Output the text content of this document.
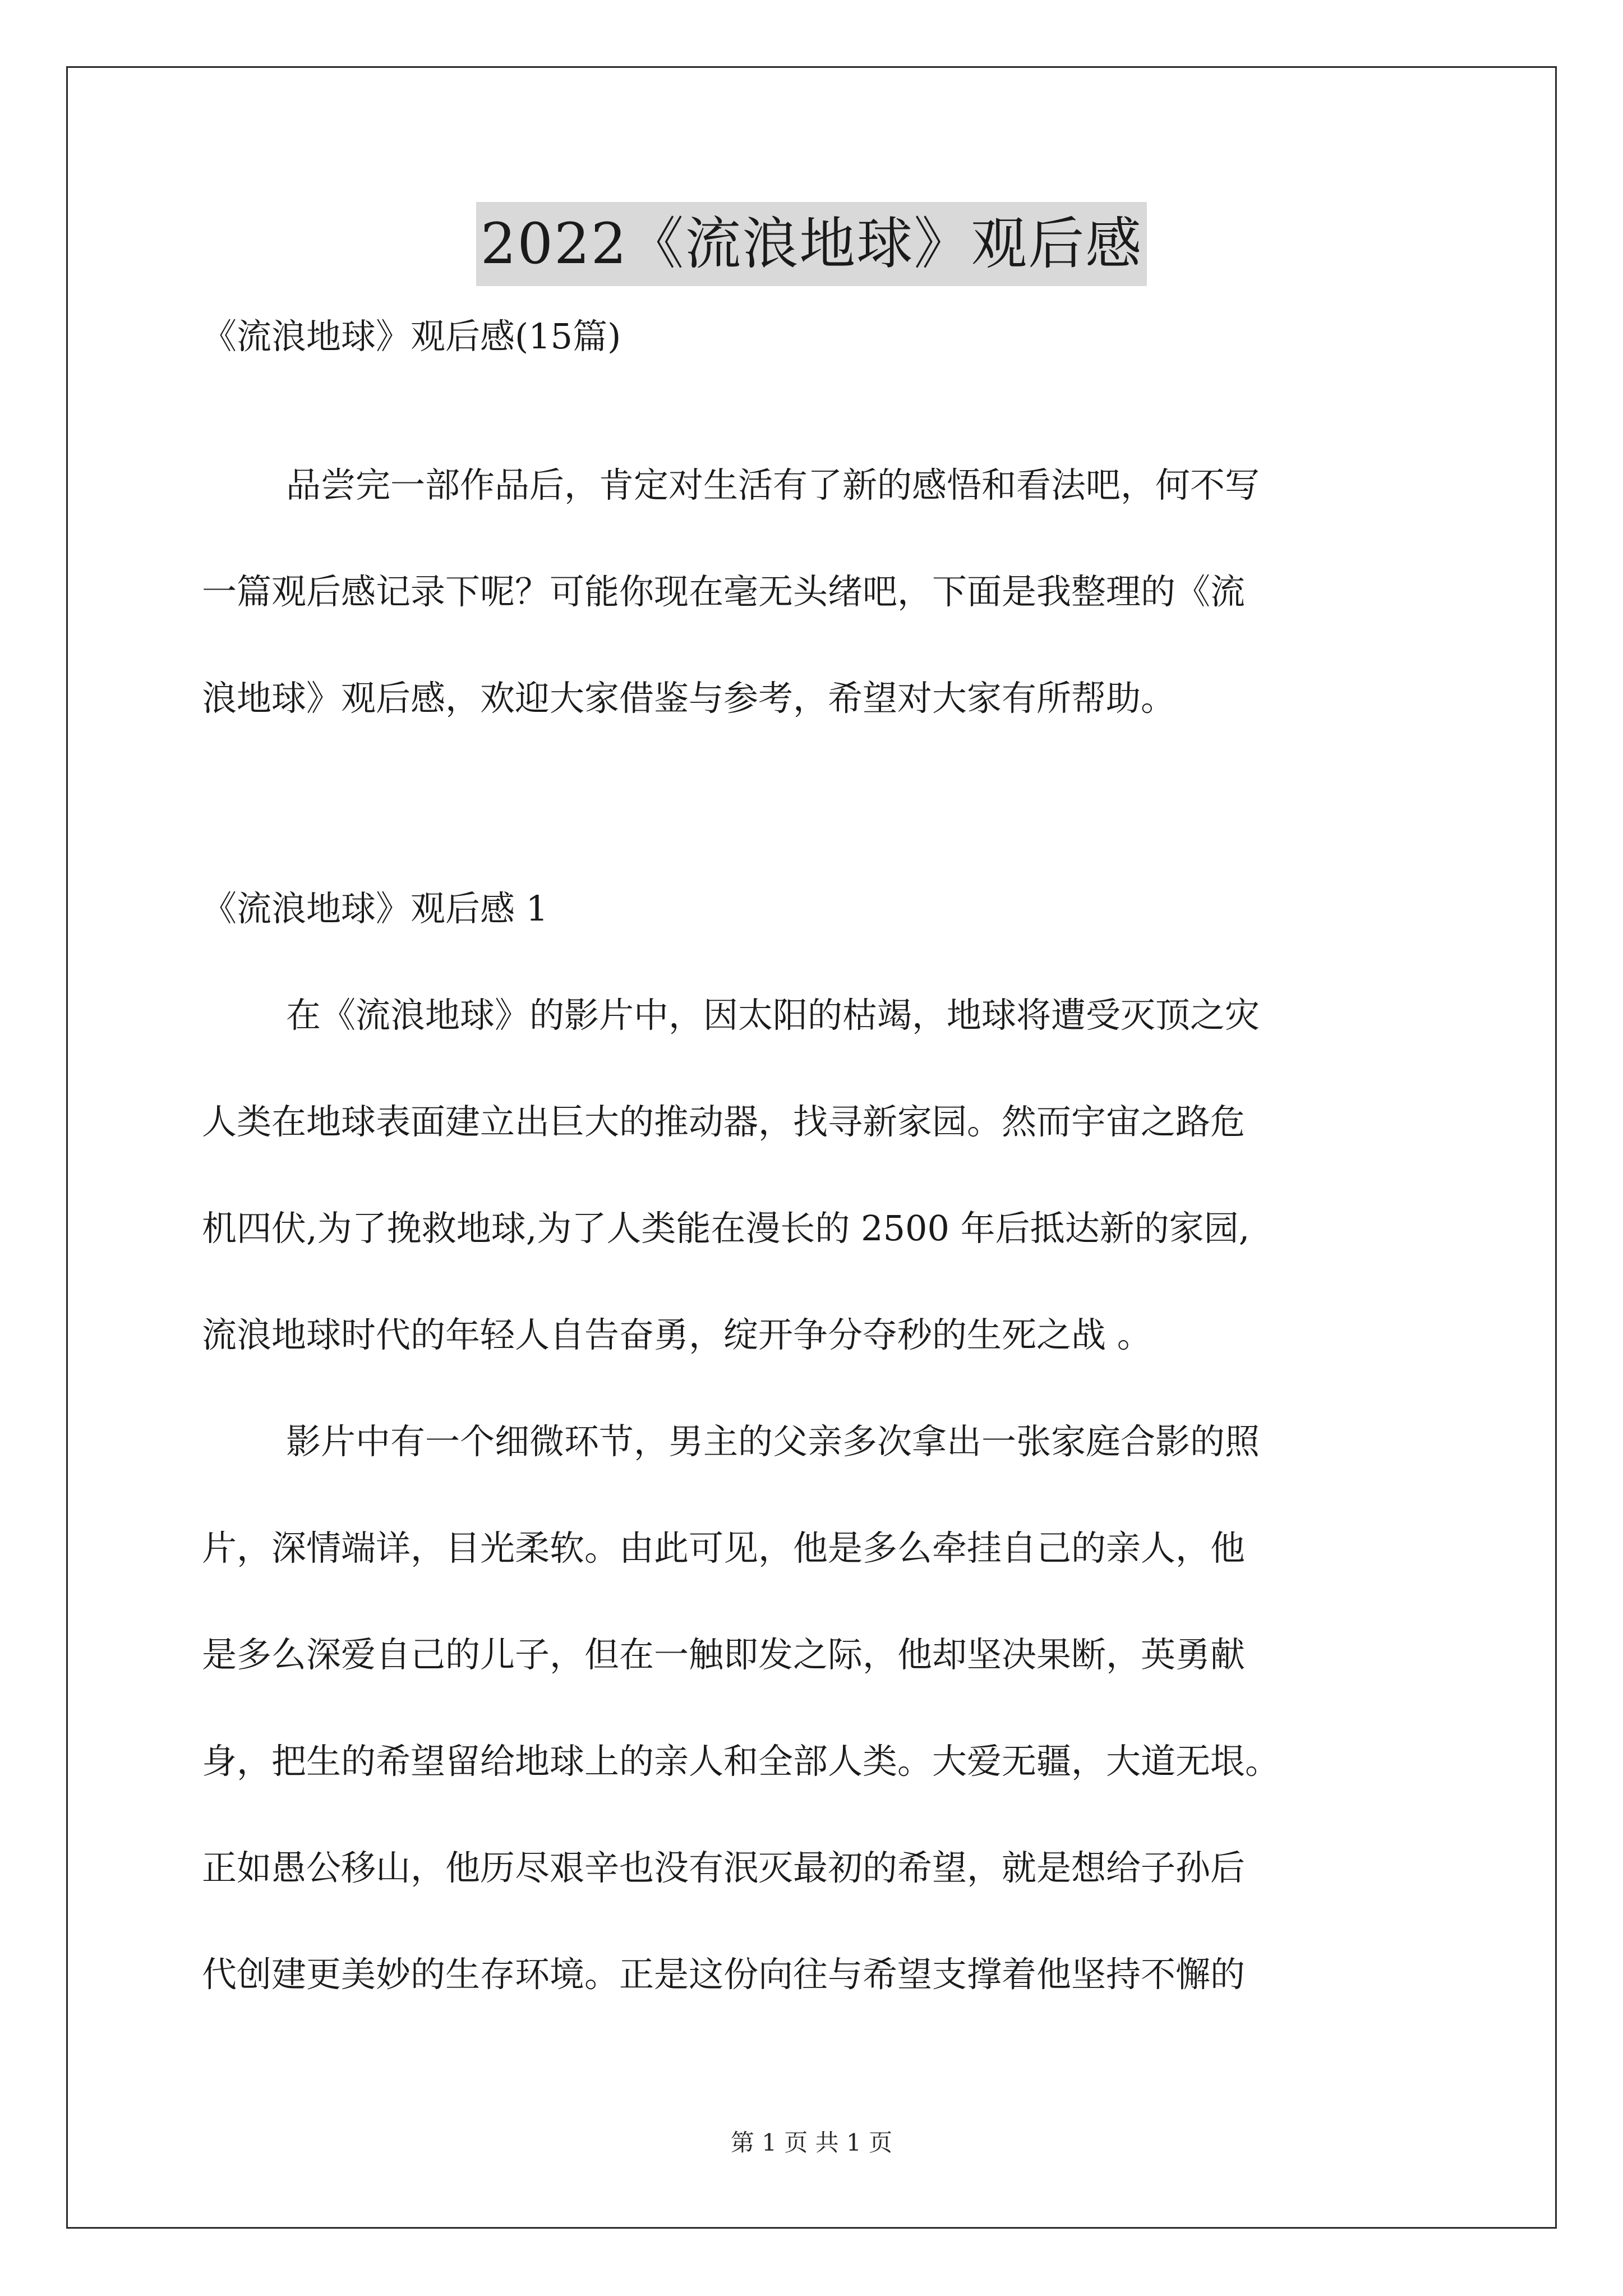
2022《流浪地球》观后感
《流浪地球》观后感(15篇)
品尝完一部作品后，肯定对生活有了新的感悟和看法吧，何不写
一篇观后感记录下呢？可能你现在毫无头绪吧，下面是我整理的《流
浪地球》观后感，欢迎大家借鉴与参考，希望对大家有所帮助。
《流浪地球》观后感 1
在《流浪地球》的影片中，因太阳的枯竭，地球将遭受灭顶之灾
人类在地球表面建立出巨大的推动器，找寻新家园。然而宇宙之路危
机四伏,为了挽救地球,为了人类能在漫长的 2500 年后抵达新的家园,
流浪地球时代的年轻人自告奋勇，绽开争分夺秒的生死之战 。
影片中有一个细微环节，男主的父亲多次拿出一张家庭合影的照
片，深情端详，目光柔软。由此可见，他是多么牵挂自己的亲人，他
是多么深爱自己的儿子，但在一触即发之际，他却坚决果断，英勇献
身，把生的希望留给地球上的亲人和全部人类。大爱无疆，大道无垠。
正如愚公移山，他历尽艰辛也没有泯灭最初的希望，就是想给子孙后
代创建更美妙的生存环境。正是这份向往与希望支撑着他坚持不懈的
第 1 页 共 1 页
